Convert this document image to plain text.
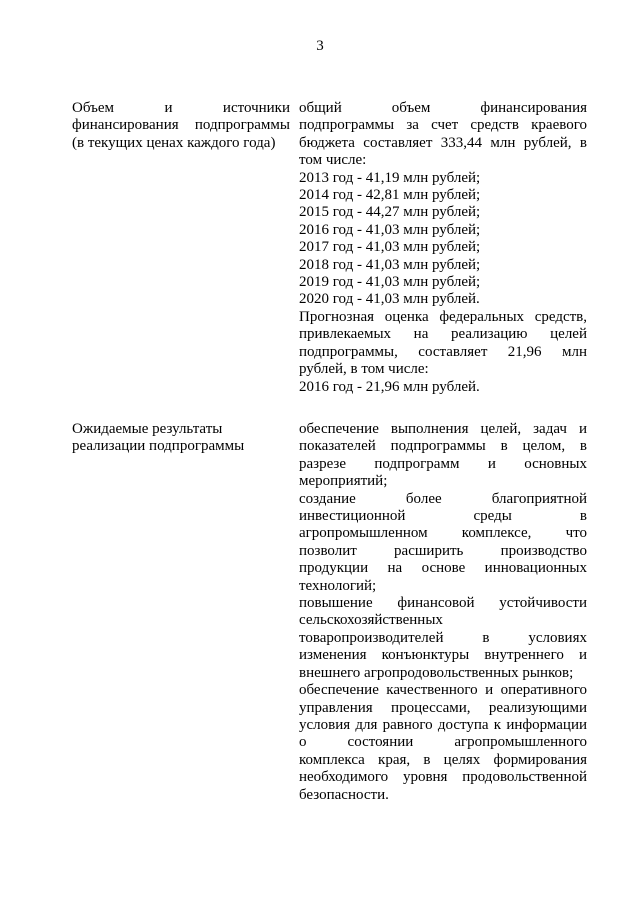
3
Объем и источники
финансирования подпрограммы
(в текущих ценах каждого года)
общий объем финансирования
подпрограммы за счет средств краевого
бюджета составляет 333,44 млн рублей, в
том числе:
2013 год - 41,19 млн рублей;
2014 год - 42,81 млн рублей;
2015 год - 44,27 млн рублей;
2016 год - 41,03 млн рублей;
2017 год - 41,03 млн рублей;
2018 год - 41,03 млн рублей;
2019 год - 41,03 млн рублей;
2020 год - 41,03 млн рублей.
Прогнозная оценка федеральных средств,
привлекаемых на реализацию целей
подпрограммы, составляет 21,96 млн
рублей, в том числе:
2016 год - 21,96 млн рублей.
Ожидаемые результаты
реализации подпрограммы
обеспечение выполнения целей, задач и
показателей подпрограммы в целом, в
разрезе подпрограмм и основных
мероприятий;
создание более благоприятной
инвестиционной среды в
агропромышленном комплексе, что
позволит расширить производство
продукции на основе инновационных
технологий;
повышение финансовой устойчивости
сельскохозяйственных
товаропроизводителей в условиях
изменения конъюнктуры внутреннего и
внешнего агропродовольственных рынков;
обеспечение качественного и оперативного
управления процессами, реализующими
условия для равного доступа к информации
о состоянии агропромышленного
комплекса края, в целях формирования
необходимого уровня продовольственной
безопасности.
